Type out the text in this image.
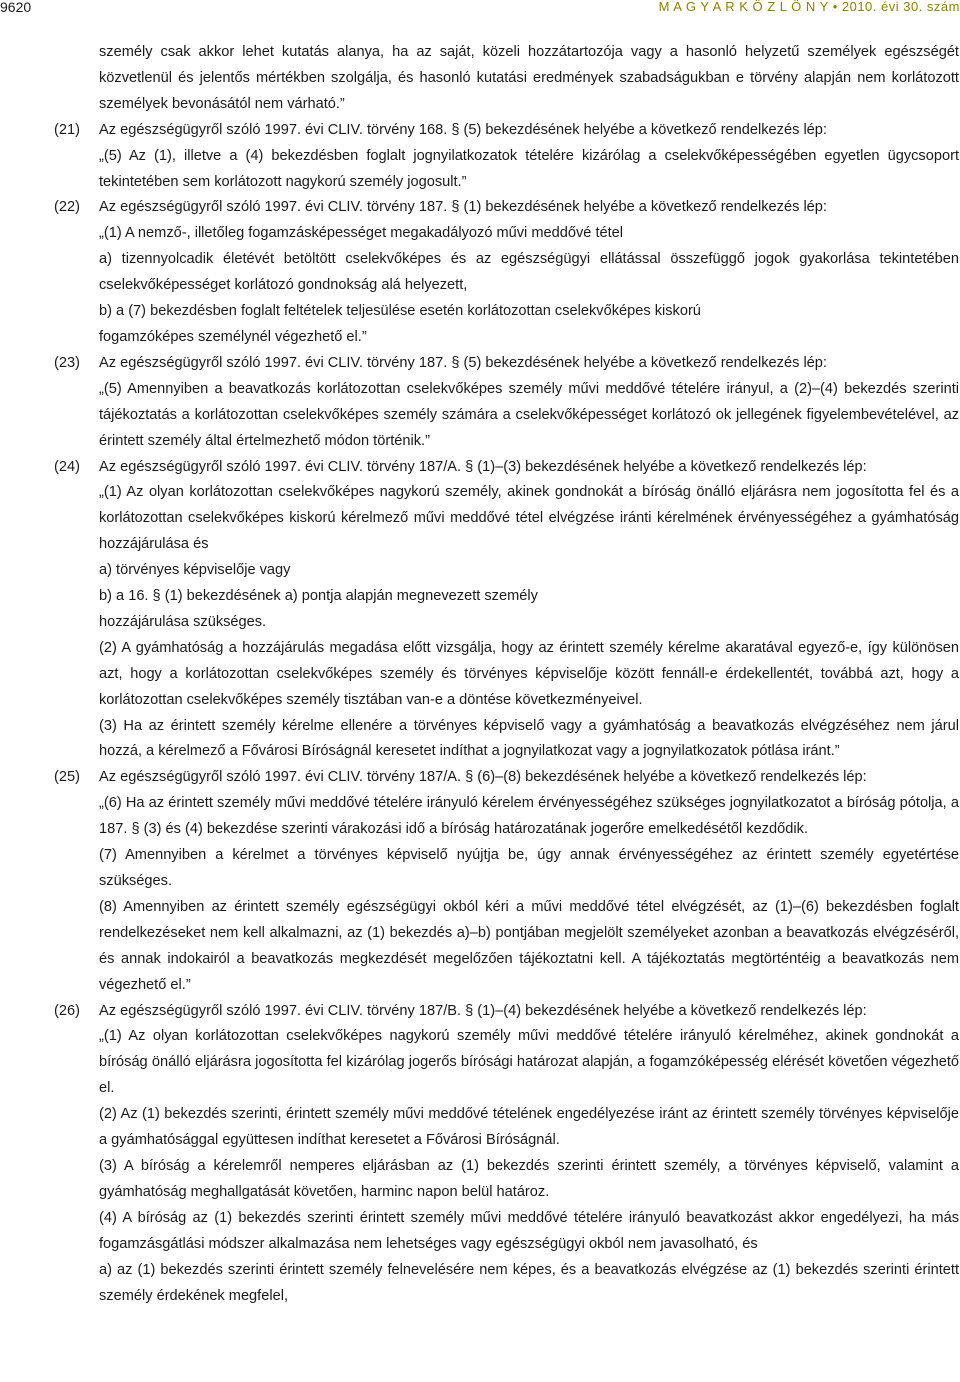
9620	M A G Y A R K Ö Z L Ö N Y • 2010. évi 30. szám

személy csak akkor lehet kutatás alanya, ha az saját, közeli hozzátartozója vagy a hasonló helyzetű személyek egészségét közvetlenül és jelentős mértékben szolgálja, és hasonló kutatási eredmények szabadságukban e törvény alapján nem korlátozott személyek bevonásától nem várható.”

(21)	Az egészségügyről szóló 1997. évi CLIV. törvény 168. § (5) bekezdésének helyébe a következő rendelkezés lép:

„(5) Az (1), illetve a (4) bekezdésben foglalt jognyilatkozatok tételére kizárólag a cselekvőképességében egyetlen ügycsoport tekintetében sem korlátozott nagykorú személy jogosult.”

(22)	Az egészségügyről szóló 1997. évi CLIV. törvény 187. § (1) bekezdésének helyébe a következő rendelkezés lép:

„(1) A nemző-, illetőleg fogamzásképességet megakadályozó művi meddővé tétel

a) tizennyolcadik életévét betöltött cselekvőképes és az egészségügyi ellátással összefüggő jogok gyakorlása tekintetében cselekvőképességet korlátozó gondnokság alá helyezett,

b) a (7) bekezdésben foglalt feltételek teljesülése esetén korlátozottan cselekvőképes kiskorú

fogamzóképes személynél végezhető el.”

(23)	Az egészségügyről szóló 1997. évi CLIV. törvény 187. § (5) bekezdésének helyébe a következő rendelkezés lép:

„(5) Amennyiben a beavatkozás korlátozottan cselekvőképes személy művi meddővé tételére irányul, a (2)–(4) bekezdés szerinti tájékoztatás a korlátozottan cselekvőképes személy számára a cselekvőképességet korlátozó ok jellegének figyelembevételével, az érintett személy által értelmezhető módon történik.”

(24)	Az egészségügyről szóló 1997. évi CLIV. törvény 187/A. § (1)–(3) bekezdésének helyébe a következő rendelkezés lép:

„(1) Az olyan korlátozottan cselekvőképes nagykorú személy, akinek gondnokát a bíróság önálló eljárásra nem jogosította fel és a korlátozottan cselekvőképes kiskorú kérelmező művi meddővé tétel elvégzése iránti kérelmének érvényességéhez a gyámhatóság hozzájárulása és

a) törvényes képviselője vagy

b) a 16. § (1) bekezdésének a) pontja alapján megnevezett személy

hozzájárulása szükséges.

(2) A gyámhatóság a hozzájárulás megadása előtt vizsgálja, hogy az érintett személy kérelme akaratával egyező-e, így különösen azt, hogy a korlátozottan cselekvőképes személy és törvényes képviselője között fennáll-e érdekellentét, továbbá azt, hogy a korlátozottan cselekvőképes személy tisztában van-e a döntése következményeivel.

(3) Ha az érintett személy kérelme ellenére a törvényes képviselő vagy a gyámhatóság a beavatkozás elvégzéséhez nem járul hozzá, a kérelmező a Fővárosi Bíróságnál keresetet indíthat a jognyilatkozat vagy a jognyilatkozatok pótlása iránt.”

(25)	Az egészségügyről szóló 1997. évi CLIV. törvény 187/A. § (6)–(8) bekezdésének helyébe a következő rendelkezés lép:

„(6) Ha az érintett személy művi meddővé tételére irányuló kérelem érvényességéhez szükséges jognyilatkozatot a bíróság pótolja, a 187. § (3) és (4) bekezdése szerinti várakozási idő a bíróság határozatának jogerőre emelkedésétől kezdődik.

(7) Amennyiben a kérelmet a törvényes képviselő nyújtja be, úgy annak érvényességéhez az érintett személy egyetértése szükséges.

(8) Amennyiben az érintett személy egészségügyi okból kéri a művi meddővé tétel elvégzését, az (1)–(6) bekezdésben foglalt rendelkezéseket nem kell alkalmazni, az (1) bekezdés a)–b) pontjában megjelölt személyeket azonban a beavatkozás elvégzéséről, és annak indokairól a beavatkozás megkezdését megelőzően tájékoztatni kell. A tájékoztatás megtörténtéig a beavatkozás nem végezhető el.”

(26)	Az egészségügyről szóló 1997. évi CLIV. törvény 187/B. § (1)–(4) bekezdésének helyébe a következő rendelkezés lép:

„(1) Az olyan korlátozottan cselekvőképes nagykorú személy művi meddővé tételére irányuló kérelméhez, akinek gondnokát a bíróság önálló eljárásra jogosította fel kizárólag jogerős bírósági határozat alapján, a fogamzóképesség elérését követően végezhető el.

(2) Az (1) bekezdés szerinti, érintett személy művi meddővé tételének engedélyezése iránt az érintett személy törvényes képviselője a gyámhatósággal együttesen indíthat keresetet a Fővárosi Bíróságnál.

(3) A bíróság a kérelemről nemperes eljárásban az (1) bekezdés szerinti érintett személy, a törvényes képviselő, valamint a gyámhatóság meghallgatását követően, harminc napon belül határoz.

(4) A bíróság az (1) bekezdés szerinti érintett személy művi meddővé tételére irányuló beavatkozást akkor engedélyezi, ha más fogamzásgátlási módszer alkalmazása nem lehetséges vagy egészségügyi okból nem javasolható, és

a) az (1) bekezdés szerinti érintett személy felnevelésére nem képes, és a beavatkozás elvégzése az (1) bekezdés szerinti érintett személy érdekének megfelel,
